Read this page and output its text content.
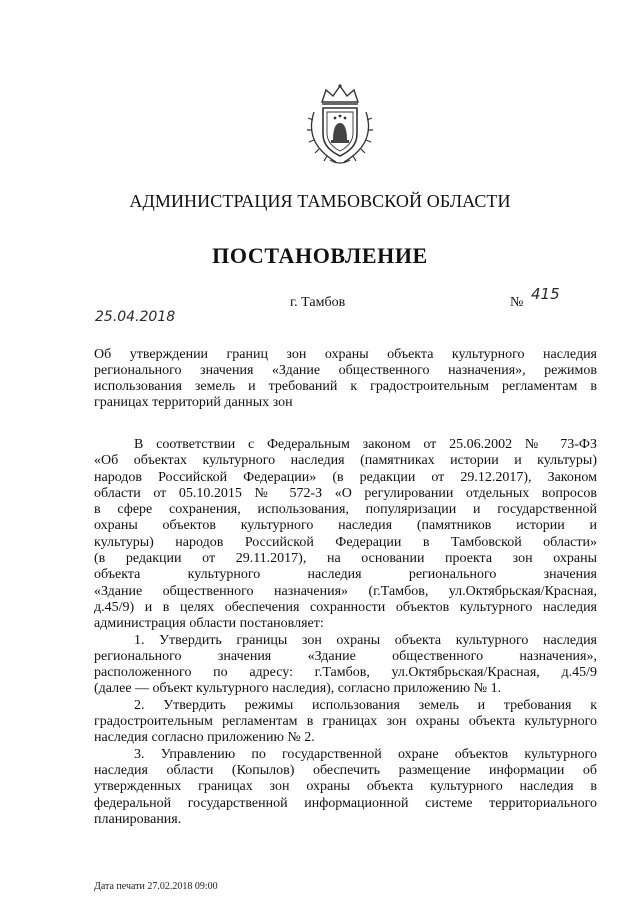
АДМИНИСТРАЦИЯ ТАМБОВСКОЙ ОБЛАСТИ
ПОСТАНОВЛЕНИЕ
г. Тамбов	№ 415
25.04.2018
Об утверждении границ зон охраны объекта культурного наследия
регионального значения «Здание общественного назначения», режимов
использования земель и требований к градостроительным регламентам в
границах территорий данных зон
В соответствии с Федеральным законом от 25.06.2002 № 73-ФЗ
«Об объектах культурного наследия (памятниках истории и культуры)
народов Российской Федерации» (в редакции от 29.12.2017), Законом
области от 05.10.2015 № 572-З «О регулировании отдельных вопросов
в сфере сохранения, использования, популяризации и государственной
охраны объектов культурного наследия (памятников истории и
культуры) народов Российской Федерации в Тамбовской области»
(в редакции от 29.11.2017), на основании проекта зон охраны
объекта культурного наследия регионального значения
«Здание общественного назначения» (г.Тамбов, ул.Октябрьская/Красная,
д.45/9) и в целях обеспечения сохранности объектов культурного наследия
администрация области постановляет:
1. Утвердить границы зон охраны объекта культурного наследия
регионального значения «Здание общественного назначения»,
расположенного по адресу: г.Тамбов, ул.Октябрьская/Красная, д.45/9
(далее — объект культурного наследия), согласно приложению № 1.
2. Утвердить режимы использования земель и требования к
градостроительным регламентам в границах зон охраны объекта культурного
наследия согласно приложению № 2.
3. Управлению по государственной охране объектов культурного
наследия области (Копылов) обеспечить размещение информации об
утвержденных границах зон охраны объекта культурного наследия в
федеральной государственной информационной системе территориального
планирования.
Дата печати 27.02.2018 09:00
